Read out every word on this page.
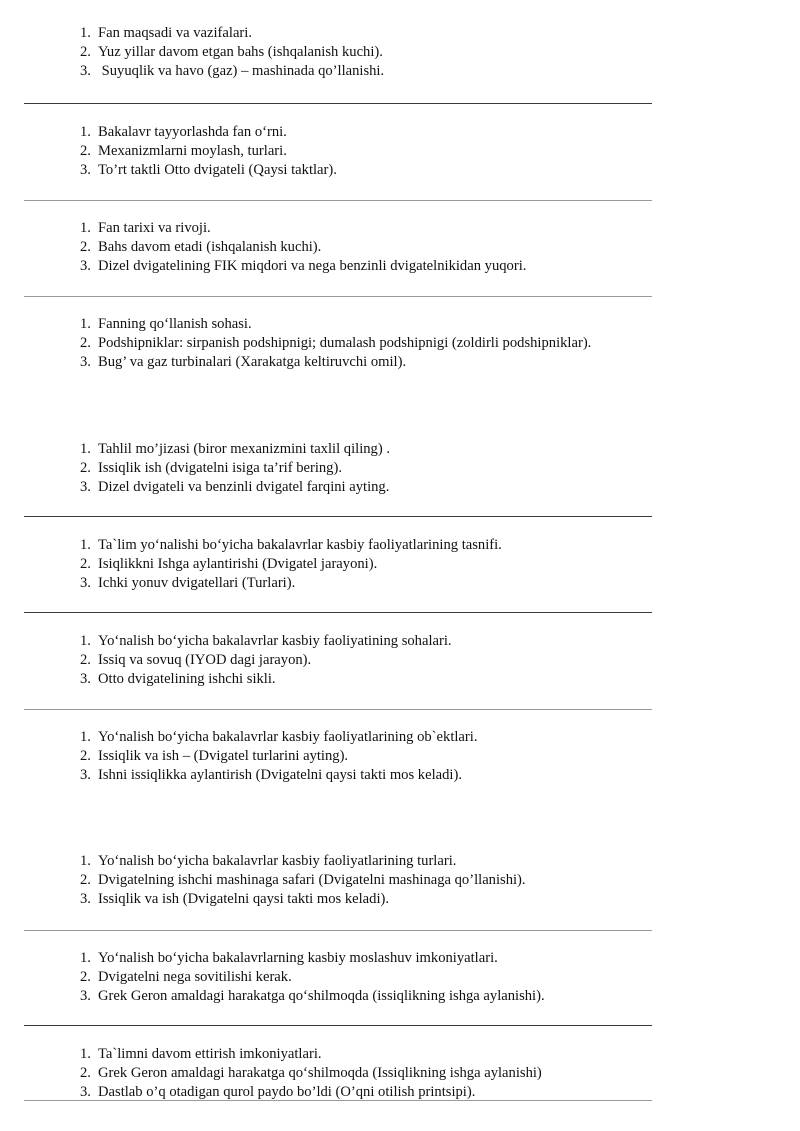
1. Fan maqsadi va vazifalari.
2. Yuz yillar davom etgan bahs (ishqalanish kuchi).
3. Suyuqlik va havo (gaz) – mashinada qo’llanishi.
1. Bakalavr tayyorlashda fan o‘rni.
2. Mexanizmlarni moylash, turlari.
3. To’rt taktli Otto dvigateli (Qaysi taktlar).
1. Fan tarixi va rivoji.
2. Bahs davom etadi (ishqalanish kuchi).
3. Dizel dvigatelining FIK miqdori va nega benzinli dvigatelnikidan yuqori.
1. Fanning qo‘llanish sohasi.
2. Podshipniklar: sirpanish podshipnigi; dumalash podshipnigi (zoldirli podshipniklar).
3. Bug’ va gaz turbinalari (Xarakatga keltiruvchi omil).
1. Tahlil mo’jizasi (biror mexanizmini taxlil qiling) .
2. Issiqlik ish (dvigatelni isiga ta’rif bering).
3. Dizel dvigateli va benzinli dvigatel farqini ayting.
1. Ta`lim yo‘nalishi bo‘yicha bakalavrlar kasbiy faoliyatlarining tasnifi.
2. Isiqlikkni Ishga aylantirishi (Dvigatel jarayoni).
3. Ichki yonuv dvigatellari (Turlari).
1. Yo‘nalish bo‘yicha bakalavrlar kasbiy faoliyatining sohalari.
2. Issiq va sovuq (IYOD dagi jarayon).
3. Otto dvigatelining ishchi sikli.
1. Yo‘nalish bo‘yicha bakalavrlar kasbiy faoliyatlarining ob`ektlari.
2. Issiqlik va ish – (Dvigatel turlarini ayting).
3. Ishni issiqlikka aylantirish (Dvigatelni qaysi takti mos keladi).
1. Yo‘nalish bo‘yicha bakalavrlar kasbiy faoliyatlarining turlari.
2. Dvigatelning ishchi mashinaga safari (Dvigatelni mashinaga qo’llanishi).
3. Issiqlik va ish (Dvigatelni qaysi takti mos keladi).
1. Yo‘nalish bo‘yicha bakalavrlarning kasbiy moslashuv imkoniyatlari.
2. Dvigatelni nega sovitilishi kerak.
3. Grek Geron amaldagi harakatga qo‘shilmoqda (issiqlikning ishga aylanishi).
1. Ta`limni davom ettirish imkoniyatlari.
2. Grek Geron amaldagi harakatga qo‘shilmoqda (Issiqlikning ishga aylanishi)
3. Dastlab o’q otadigan qurol paydo bo’ldi (O’qni otilish printsipi).
